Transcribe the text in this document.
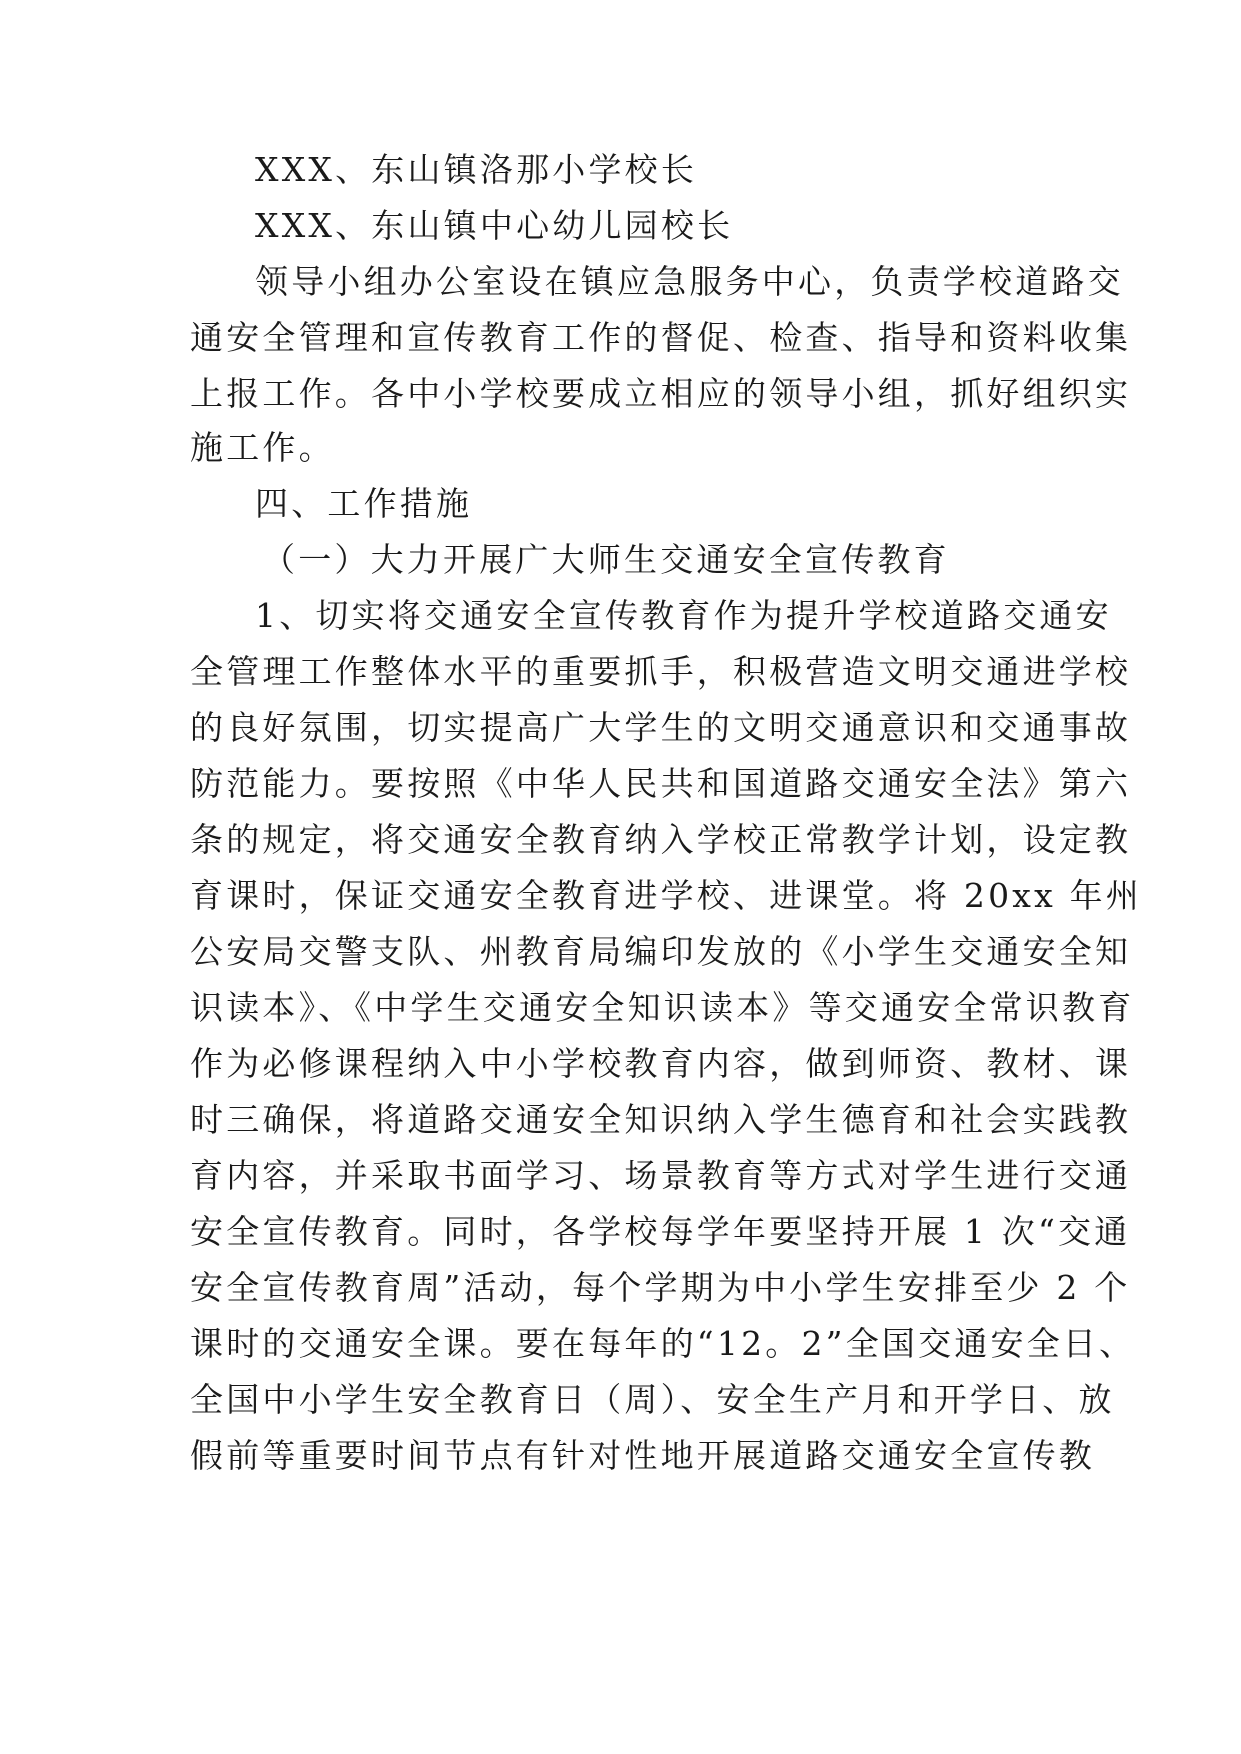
XXX、东山镇洛那小学校长
XXX、东山镇中心幼儿园校长
领导小组办公室设在镇应急服务中心，负责学校道路交
通安全管理和宣传教育工作的督促、检查、指导和资料收集
上报工作。各中小学校要成立相应的领导小组，抓好组织实
施工作。
四、工作措施
（一）大力开展广大师生交通安全宣传教育
1、切实将交通安全宣传教育作为提升学校道路交通安
全管理工作整体水平的重要抓手，积极营造文明交通进学校
的良好氛围，切实提高广大学生的文明交通意识和交通事故
防范能力。要按照《中华人民共和国道路交通安全法》第六
条的规定，将交通安全教育纳入学校正常教学计划，设定教
育课时，保证交通安全教育进学校、进课堂。将 20xx 年州
公安局交警支队、州教育局编印发放的《小学生交通安全知
识读本》、《中学生交通安全知识读本》等交通安全常识教育
作为必修课程纳入中小学校教育内容，做到师资、教材、课
时三确保，将道路交通安全知识纳入学生德育和社会实践教
育内容，并采取书面学习、场景教育等方式对学生进行交通
安全宣传教育。同时，各学校每学年要坚持开展 1 次“交通
安全宣传教育周”活动，每个学期为中小学生安排至少 2 个
课时的交通安全课。要在每年的“12。2”全国交通安全日、
全国中小学生安全教育日（周）、安全生产月和开学日、放
假前等重要时间节点有针对性地开展道路交通安全宣传教
